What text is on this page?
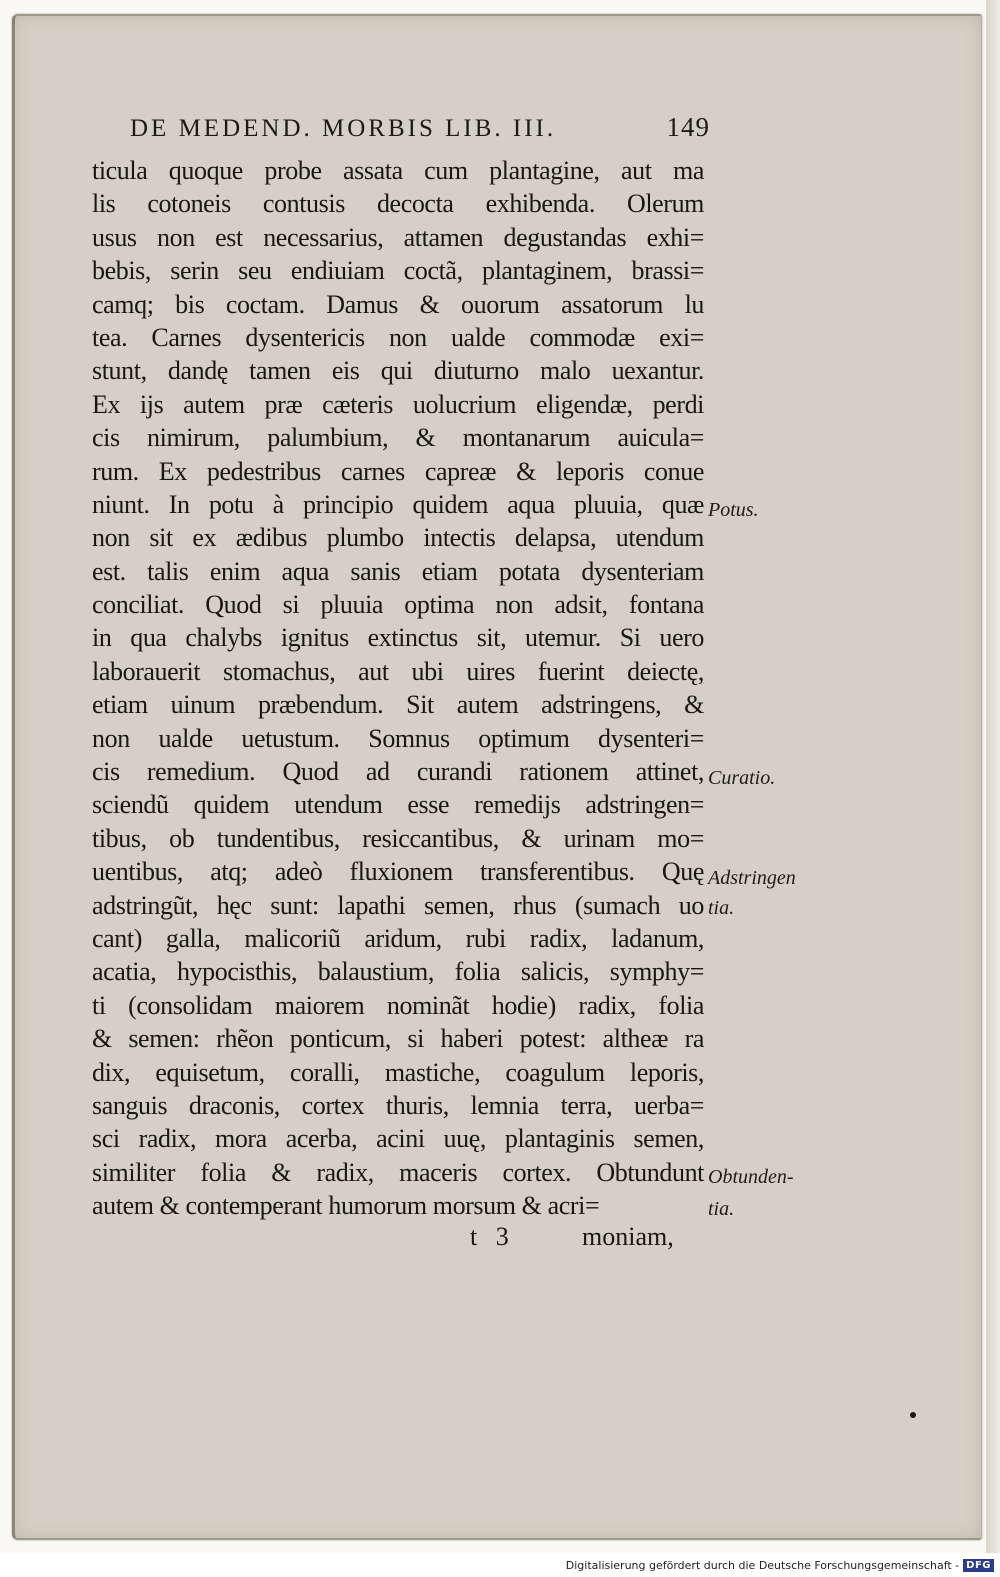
DE MEDEND. MORBIS LIB. III.	149
ticula quoque probe assata cum plantagine, aut ma
lis cotoneis contusis decocta exhibenda. Olerum
usus non est necessarius, attamen degustandas exhi=
bebis, serin seu endiuiam coctã, plantaginem, brassi=
camq; bis coctam. Damus & ouorum assatorum lu
tea. Carnes dysentericis non ualde commodæ exi=
stunt, dandę tamen eis qui diuturno malo uexantur.
Ex ijs autem præ cæteris uolucrium eligendæ, perdi
cis nimirum, palumbium, & montanarum auicula=
rum. Ex pedestribus carnes capreæ & leporis conue
niunt. In potu à principio quidem aqua pluuia, quæ
non sit ex ædibus plumbo intectis delapsa, utendum
est. talis enim aqua sanis etiam potata dysenteriam
conciliat. Quod si pluuia optima non adsit, fontana
in qua chalybs ignitus extinctus sit, utemur. Si uero
laborauerit stomachus, aut ubi uires fuerint deiectę,
etiam uinum præbendum. Sit autem adstringens, &
non ualde uetustum. Somnus optimum dysenteri=
cis remedium. Quod ad curandi rationem attinet,
sciendũ quidem utendum esse remedijs adstringen=
tibus, ob tundentibus, resiccantibus, & urinam mo=
uentibus, atq; adeò fluxionem transferentibus. Quę
adstringũt, hęc sunt: lapathi semen, rhus (sumach uo
cant) galla, malicoriũ aridum, rubi radix, ladanum,
acatia, hypocisthis, balaustium, folia salicis, symphy=
ti (consolidam maiorem nominãt hodie) radix, folia
& semen: rhẽon ponticum, si haberi potest: altheæ ra
dix, equisetum, coralli, mastiche, coagulum leporis,
sanguis draconis, cortex thuris, lemnia terra, uerba=
sci radix, mora acerba, acini uuę, plantaginis semen,
similiter folia & radix, maceris cortex. Obtundunt
autem & contemperant humorum morsum & acri=
t 3	moniam,
Potus.
Curatio.
Adstringen
tia.
Obtunden-
tia.
Digitalisierung gefördert durch die Deutsche Forschungsgemeinschaft - DFG
